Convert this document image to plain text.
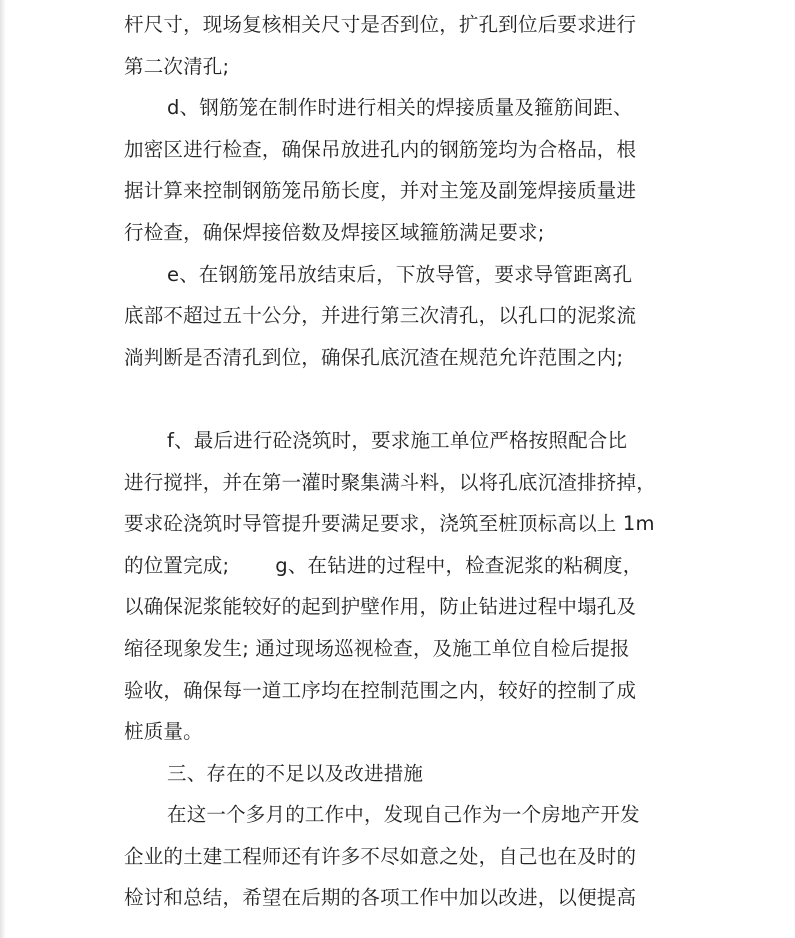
杆尺寸，现场复核相关尺寸是否到位，扩孔到位后要求进行
第二次清孔;
d、钢筋笼在制作时进行相关的焊接质量及箍筋间距、
加密区进行检查，确保吊放进孔内的钢筋笼均为合格品，根
据计算来控制钢筋笼吊筋长度，并对主笼及副笼焊接质量进
行检查，确保焊接倍数及焊接区域箍筋满足要求;
e、在钢筋笼吊放结束后，下放导管，要求导管距离孔
底部不超过五十公分，并进行第三次清孔，以孔口的泥浆流
淌判断是否清孔到位，确保孔底沉渣在规范允许范围之内;
f、最后进行砼浇筑时，要求施工单位严格按照配合比
进行搅拌，并在第一灌时聚集满斗料，以将孔底沉渣排挤掉，
要求砼浇筑时导管提升要满足要求，浇筑至桩顶标高以上 1m
的位置完成; g、在钻进的过程中，检查泥浆的粘稠度，
以确保泥浆能较好的起到护壁作用，防止钻进过程中塌孔及
缩径现象发生; 通过现场巡视检查，及施工单位自检后提报
验收，确保每一道工序均在控制范围之内，较好的控制了成
桩质量。
三、存在的不足以及改进措施
在这一个多月的工作中，发现自己作为一个房地产开发
企业的土建工程师还有许多不尽如意之处，自己也在及时的
检讨和总结，希望在后期的各项工作中加以改进，以便提高
